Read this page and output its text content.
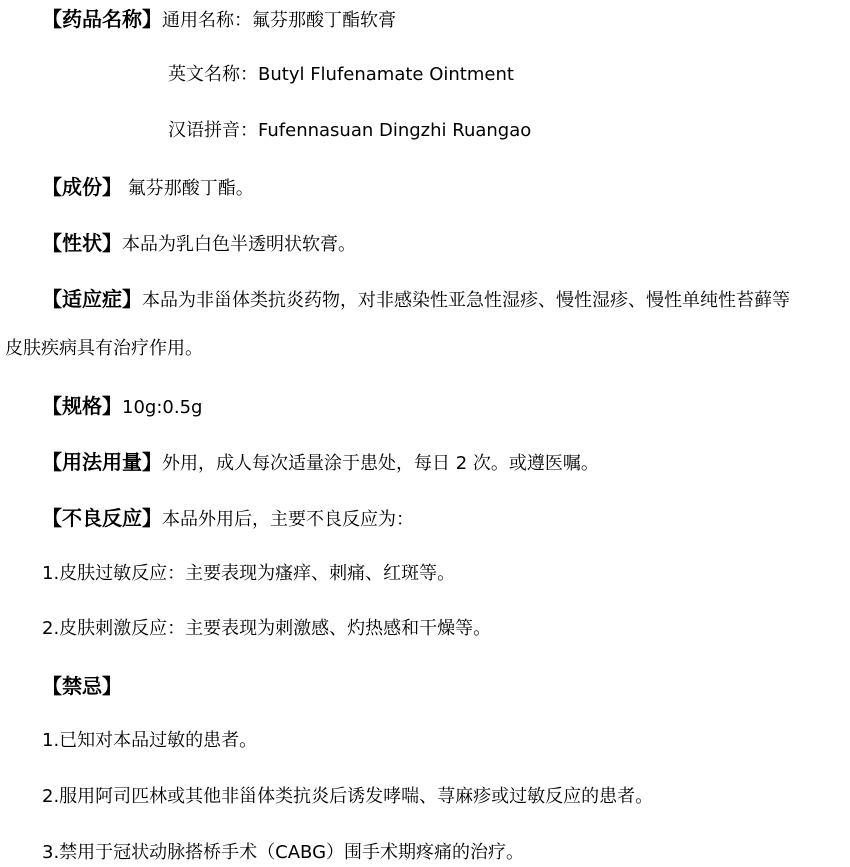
【药品名称】通用名称：氟芬那酸丁酯软膏
英文名称：Butyl Flufenamate Ointment
汉语拼音：Fufennasuan Dingzhi Ruangao
【成份】 氟芬那酸丁酯。
【性状】本品为乳白色半透明状软膏。
【适应症】本品为非甾体类抗炎药物，对非感染性亚急性湿疹、慢性湿疹、慢性单纯性苔藓等
皮肤疾病具有治疗作用。
【规格】10g:0.5g
【用法用量】外用，成人每次适量涂于患处，每日 2 次。或遵医嘱。
【不良反应】本品外用后，主要不良反应为：
1.皮肤过敏反应：主要表现为瘙痒、刺痛、红斑等。
2.皮肤刺激反应：主要表现为刺激感、灼热感和干燥等。
【禁忌】
1.已知对本品过敏的患者。
2.服用阿司匹林或其他非甾体类抗炎后诱发哮喘、荨麻疹或过敏反应的患者。
3.禁用于冠状动脉搭桥手术（CABG）围手术期疼痛的治疗。
